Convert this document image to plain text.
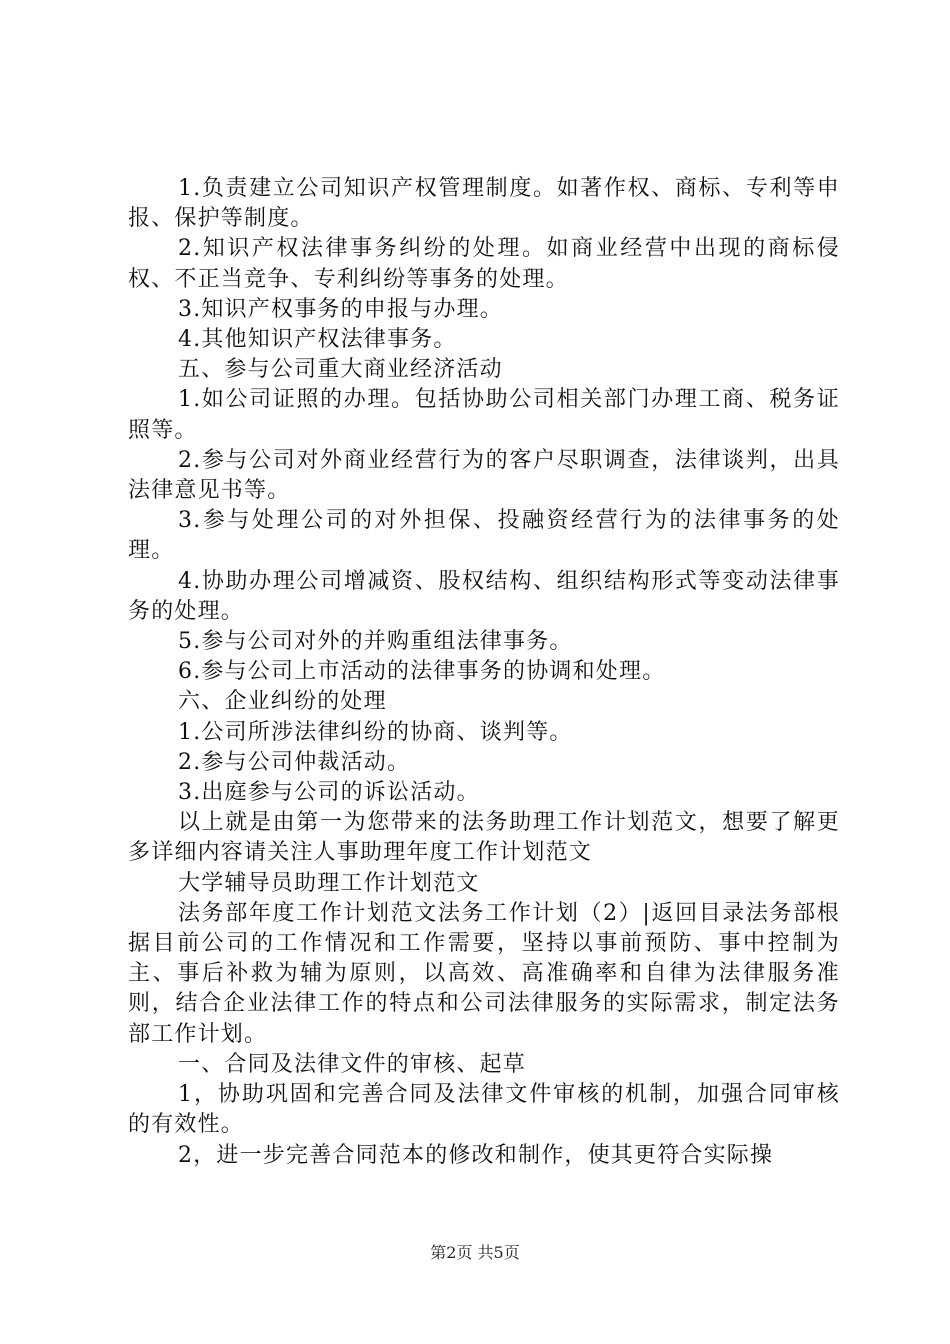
1.负责建立公司知识产权管理制度。如著作权、商标、专利等申报、保护等制度。

2.知识产权法律事务纠纷的处理。如商业经营中出现的商标侵权、不正当竞争、专利纠纷等事务的处理。

3.知识产权事务的申报与办理。

4.其他知识产权法律事务。

五、参与公司重大商业经济活动

1.如公司证照的办理。包括协助公司相关部门办理工商、税务证照等。

2.参与公司对外商业经营行为的客户尽职调查，法律谈判，出具法律意见书等。

3.参与处理公司的对外担保、投融资经营行为的法律事务的处理。

4.协助办理公司增减资、股权结构、组织结构形式等变动法律事务的处理。

5.参与公司对外的并购重组法律事务。

6.参与公司上市活动的法律事务的协调和处理。

六、企业纠纷的处理

1.公司所涉法律纠纷的协商、谈判等。

2.参与公司仲裁活动。

3.出庭参与公司的诉讼活动。

以上就是由第一为您带来的法务助理工作计划范文，想要了解更多详细内容请关注人事助理年度工作计划范文

大学辅导员助理工作计划范文

法务部年度工作计划范文法务工作计划（2）|返回目录法务部根据目前公司的工作情况和工作需要，坚持以事前预防、事中控制为主、事后补救为辅为原则，以高效、高准确率和自律为法律服务准则，结合企业法律工作的特点和公司法律服务的实际需求，制定法务部工作计划。

一、合同及法律文件的审核、起草

1，协助巩固和完善合同及法律文件审核的机制，加强合同审核的有效性。

2，进一步完善合同范本的修改和制作，使其更符合实际操

第2页 共5页
